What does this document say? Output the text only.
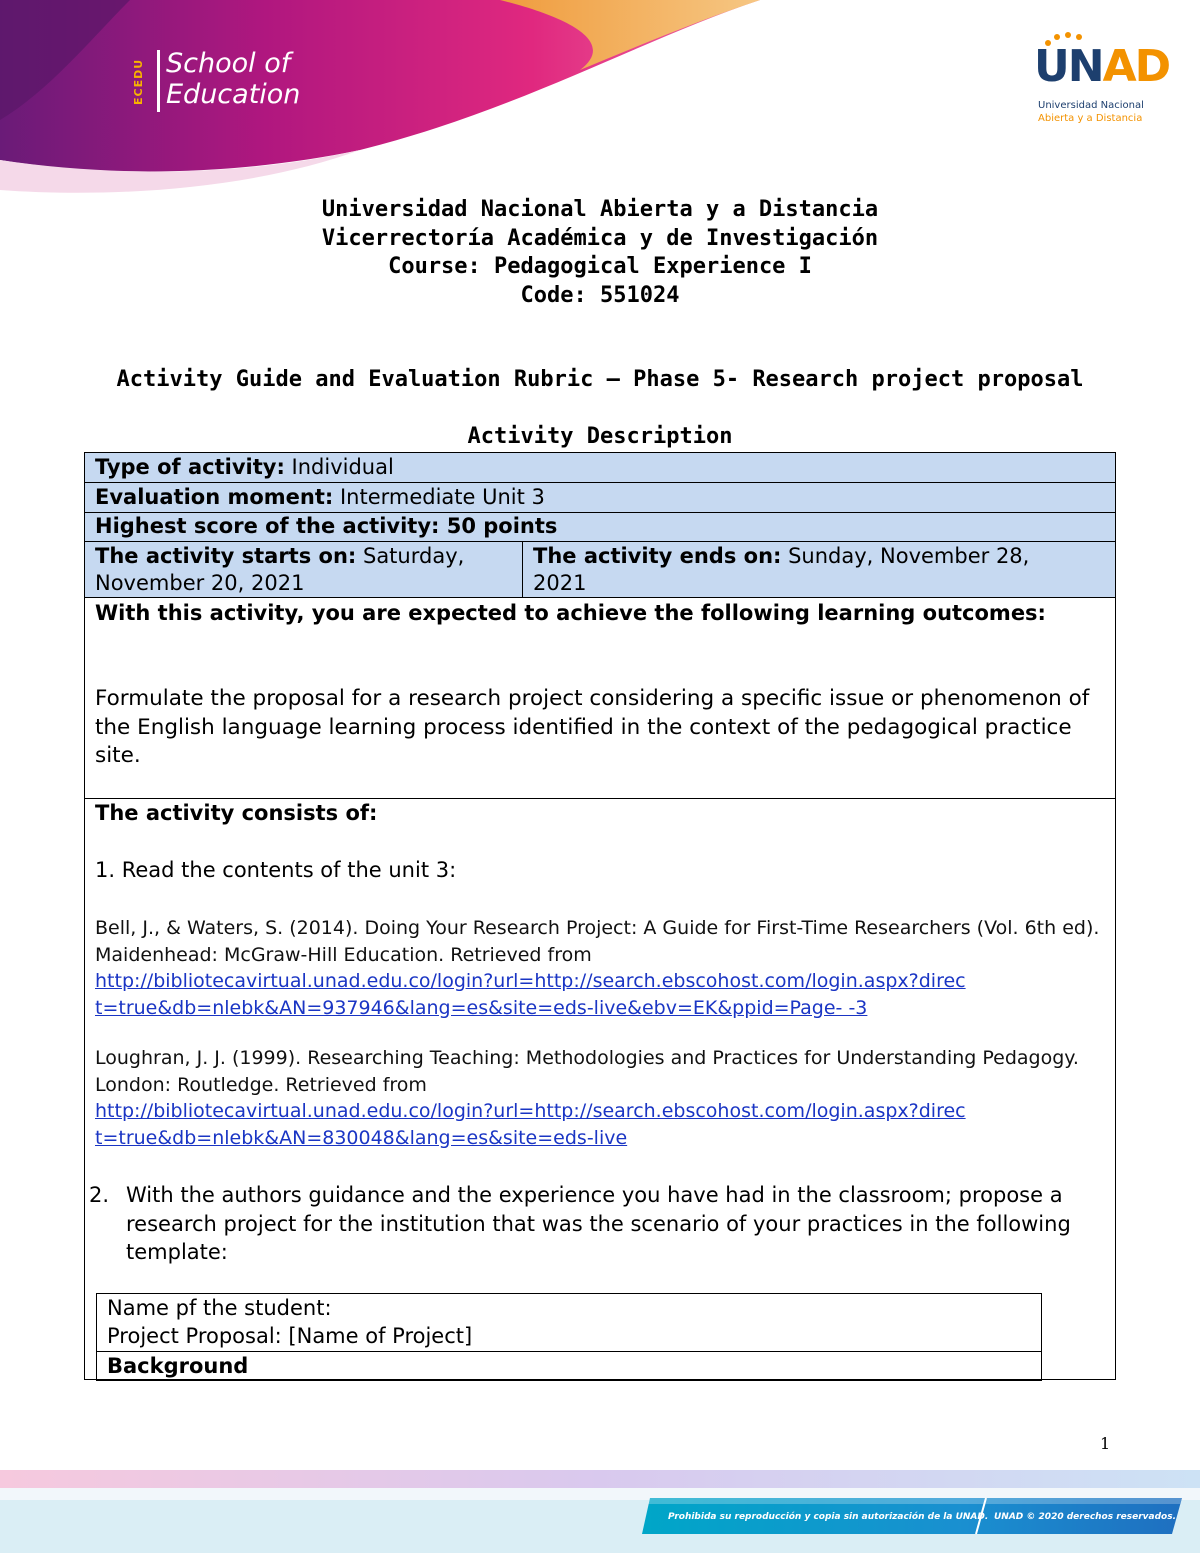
ECEDU School of
Education
UNAD
Universidad Nacional
Abierta y a Distancia
Universidad Nacional Abierta y a Distancia
Vicerrectoría Académica y de Investigación
Course: Pedagogical Experience I
Code: 551024
Activity Guide and Evaluation Rubric – Phase 5- Research project proposal
Activity Description
Type of activity: Individual
Evaluation moment: Intermediate Unit 3
Highest score of the activity: 50 points
The activity starts on: Saturday,
November 20, 2021
The activity ends on: Sunday, November 28,
2021
With this activity, you are expected to achieve the following learning outcomes:
Formulate the proposal for a research project considering a specific issue or phenomenon of the English language learning process identified in the context of the pedagogical practice site.
The activity consists of:
1. Read the contents of the unit 3:
Bell, J., & Waters, S. (2014). Doing Your Research Project: A Guide for First-Time Researchers (Vol. 6th ed). Maidenhead: McGraw-Hill Education. Retrieved from
http://bibliotecavirtual.unad.edu.co/login?url=http://search.ebscohost.com/login.aspx?direc
t=true&db=nlebk&AN=937946&lang=es&site=eds-live&ebv=EK&ppid=Page- -3
Loughran, J. J. (1999). Researching Teaching: Methodologies and Practices for Understanding Pedagogy. London: Routledge. Retrieved from
http://bibliotecavirtual.unad.edu.co/login?url=http://search.ebscohost.com/login.aspx?direc
t=true&db=nlebk&AN=830048&lang=es&site=eds-live
2. With the authors guidance and the experience you have had in the classroom; propose a research project for the institution that was the scenario of your practices in the following template:
Name pf the student:
Project Proposal: [Name of Project]
Background
1
Prohibida su reproducción y copia sin autorización de la UNAD. UNAD © 2020 derechos reservados.
